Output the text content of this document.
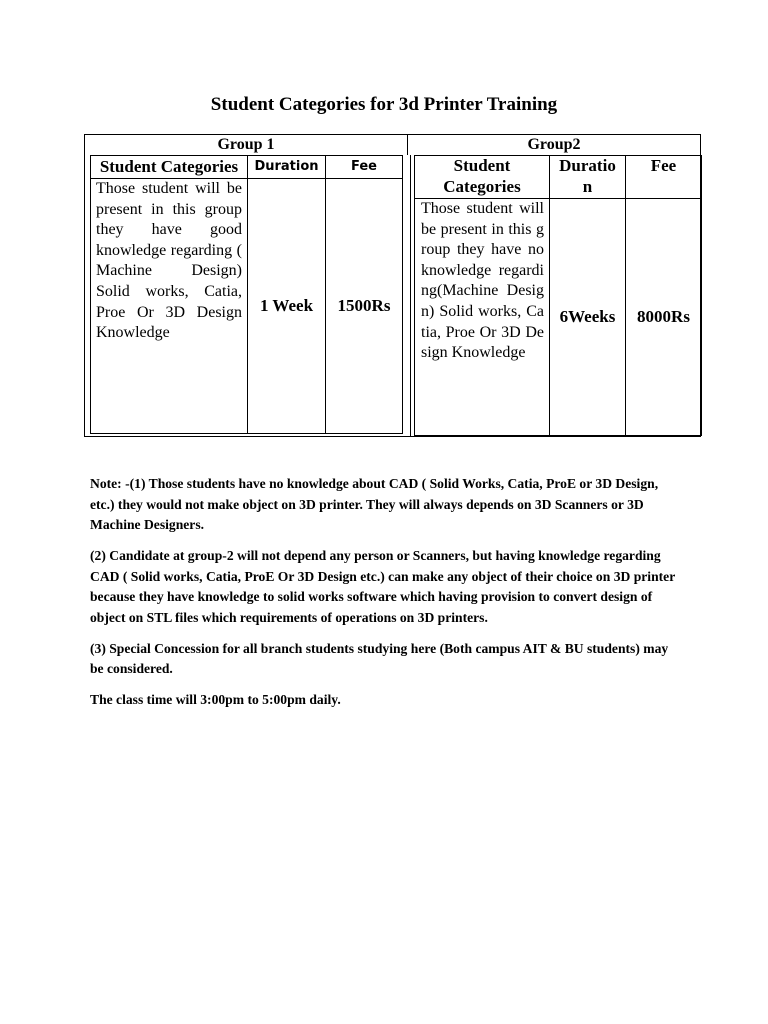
Student Categories for 3d Printer Training
Group 1	Group2
Student Categories	Duration	Fee
Those student will be present in this group they have good knowledge regarding ( Machine Design) Solid works, Catia, Proe Or 3D Design Knowledge	1 Week	1500Rs
Student Categories	Duration	Fee
Those student will be present in this group they have no knowledge regarding(Machine Design) Solid works, Catia, Proe Or 3D Design Knowledge	6Weeks	8000Rs

Note: -(1) Those students have no knowledge about CAD ( Solid Works, Catia, ProE or 3D Design, etc.) they would not make object on 3D printer. They will always depends on 3D Scanners or 3D Machine Designers.

(2) Candidate at group-2 will not depend any person or Scanners, but having knowledge regarding CAD ( Solid works, Catia, ProE Or 3D Design etc.) can make any object of their choice on 3D printer because they have knowledge to solid works software which having provision to convert design of object on STL files which requirements of operations on 3D printers.

(3) Special Concession for all branch students studying here (Both campus AIT & BU students) may be considered.

The class time will 3:00pm to 5:00pm daily.
